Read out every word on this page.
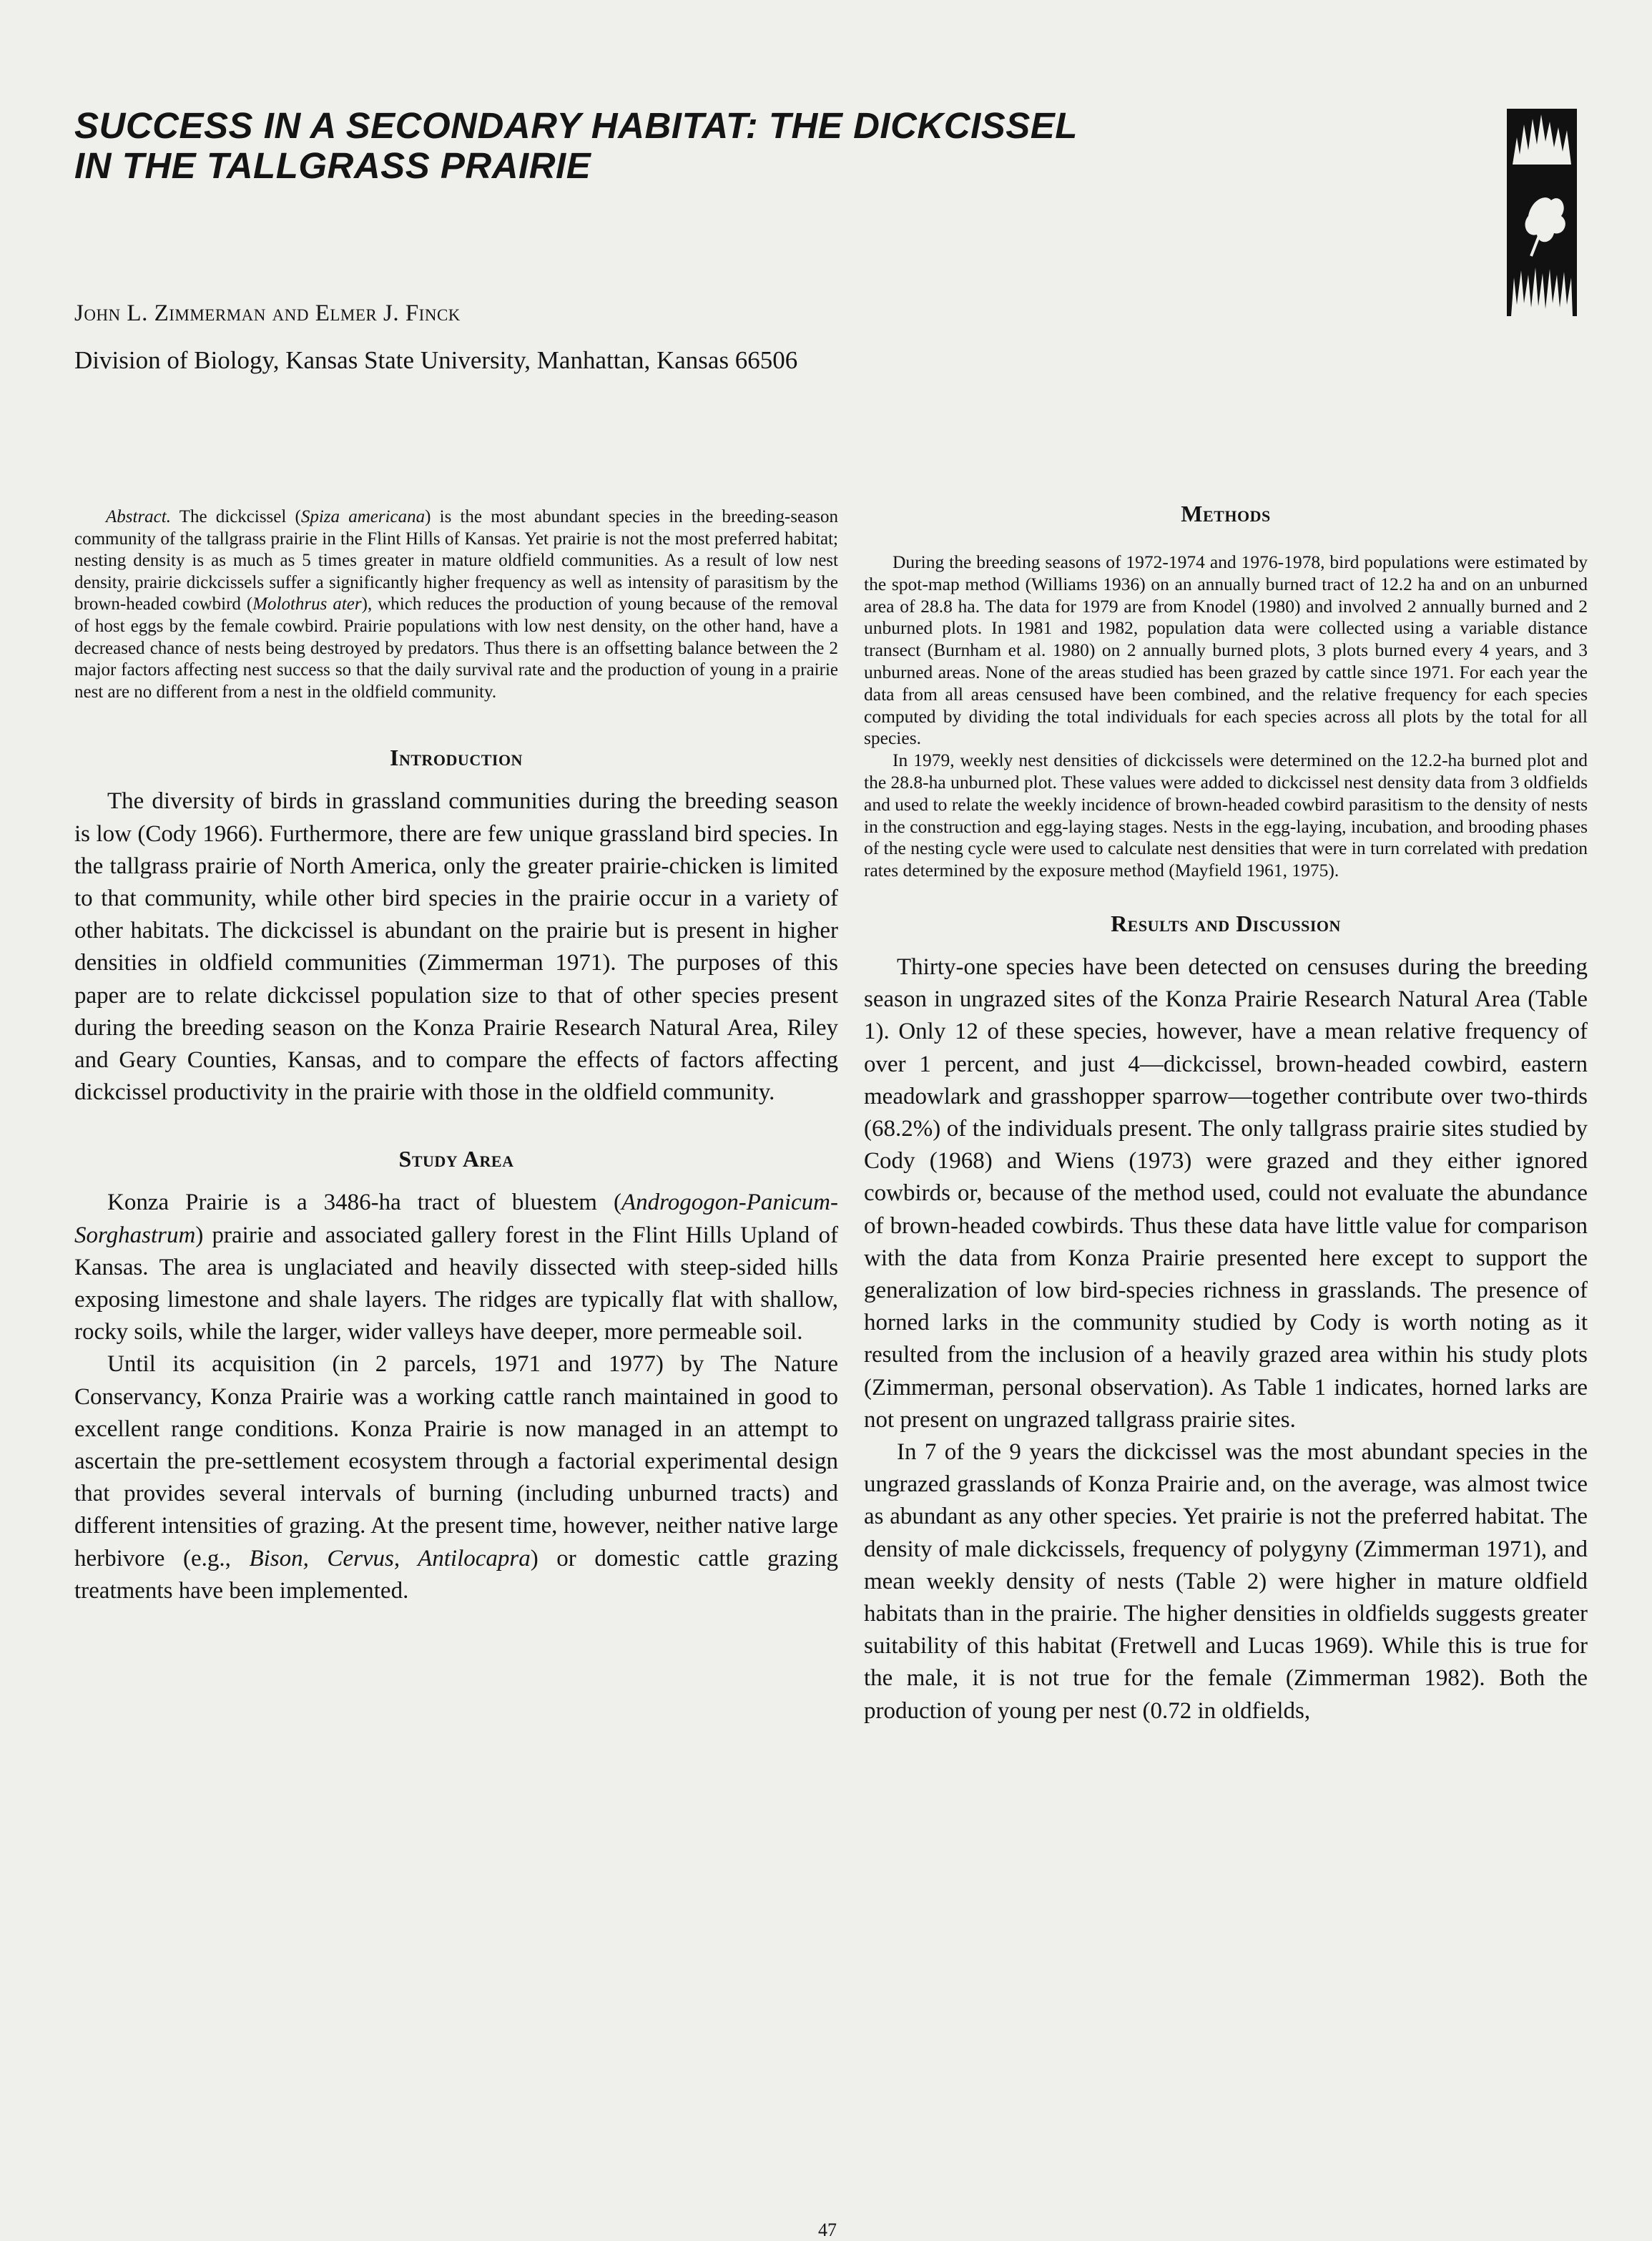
SUCCESS IN A SECONDARY HABITAT: THE DICKCISSEL
IN THE TALLGRASS PRAIRIE

John L. Zimmerman and Elmer J. Finck

Division of Biology, Kansas State University, Manhattan, Kansas 66506

Abstract. The dickcissel (Spiza americana) is the most abundant species in the breeding-season community of the tallgrass prairie in the Flint Hills of Kansas. Yet prairie is not the most preferred habitat; nesting density is as much as 5 times greater in mature oldfield communities. As a result of low nest density, prairie dickcissels suffer a significantly higher frequency as well as intensity of parasitism by the brown-headed cowbird (Molothrus ater), which reduces the production of young because of the removal of host eggs by the female cowbird. Prairie populations with low nest density, on the other hand, have a decreased chance of nests being destroyed by predators. Thus there is an offsetting balance between the 2 major factors affecting nest success so that the daily survival rate and the production of young in a prairie nest are no different from a nest in the oldfield community.

Introduction

The diversity of birds in grassland communities during the breeding season is low (Cody 1966). Furthermore, there are few unique grassland bird species. In the tallgrass prairie of North America, only the greater prairie-chicken is limited to that community, while other bird species in the prairie occur in a variety of other habitats. The dickcissel is abundant on the prairie but is present in higher densities in oldfield communities (Zimmerman 1971). The purposes of this paper are to relate dickcissel population size to that of other species present during the breeding season on the Konza Prairie Research Natural Area, Riley and Geary Counties, Kansas, and to compare the effects of factors affecting dickcissel productivity in the prairie with those in the oldfield community.

Study Area

Konza Prairie is a 3486-ha tract of bluestem (Androgogon-Panicum-Sorghastrum) prairie and associated gallery forest in the Flint Hills Upland of Kansas. The area is unglaciated and heavily dissected with steep-sided hills exposing limestone and shale layers. The ridges are typically flat with shallow, rocky soils, while the larger, wider valleys have deeper, more permeable soil.

Until its acquisition (in 2 parcels, 1971 and 1977) by The Nature Conservancy, Konza Prairie was a working cattle ranch maintained in good to excellent range conditions. Konza Prairie is now managed in an attempt to ascertain the pre-settlement ecosystem through a factorial experimental design that provides several intervals of burning (including unburned tracts) and different intensities of grazing. At the present time, however, neither native large herbivore (e.g., Bison, Cervus, Antilocapra) or domestic cattle grazing treatments have been implemented.

Methods

During the breeding seasons of 1972-1974 and 1976-1978, bird populations were estimated by the spot-map method (Williams 1936) on an annually burned tract of 12.2 ha and on an unburned area of 28.8 ha. The data for 1979 are from Knodel (1980) and involved 2 annually burned and 2 unburned plots. In 1981 and 1982, population data were collected using a variable distance transect (Burnham et al. 1980) on 2 annually burned plots, 3 plots burned every 4 years, and 3 unburned areas. None of the areas studied has been grazed by cattle since 1971. For each year the data from all areas censused have been combined, and the relative frequency for each species computed by dividing the total individuals for each species across all plots by the total for all species.

In 1979, weekly nest densities of dickcissels were determined on the 12.2-ha burned plot and the 28.8-ha unburned plot. These values were added to dickcissel nest density data from 3 oldfields and used to relate the weekly incidence of brown-headed cowbird parasitism to the density of nests in the construction and egg-laying stages. Nests in the egg-laying, incubation, and brooding phases of the nesting cycle were used to calculate nest densities that were in turn correlated with predation rates determined by the exposure method (Mayfield 1961, 1975).

Results and Discussion

Thirty-one species have been detected on censuses during the breeding season in ungrazed sites of the Konza Prairie Research Natural Area (Table 1). Only 12 of these species, however, have a mean relative frequency of over 1 percent, and just 4—dickcissel, brown-headed cowbird, eastern meadowlark and grasshopper sparrow—together contribute over two-thirds (68.2%) of the individuals present. The only tallgrass prairie sites studied by Cody (1968) and Wiens (1973) were grazed and they either ignored cowbirds or, because of the method used, could not evaluate the abundance of brown-headed cowbirds. Thus these data have little value for comparison with the data from Konza Prairie presented here except to support the generalization of low bird-species richness in grasslands. The presence of horned larks in the community studied by Cody is worth noting as it resulted from the inclusion of a heavily grazed area within his study plots (Zimmerman, personal observation). As Table 1 indicates, horned larks are not present on ungrazed tallgrass prairie sites.

In 7 of the 9 years the dickcissel was the most abundant species in the ungrazed grasslands of Konza Prairie and, on the average, was almost twice as abundant as any other species. Yet prairie is not the preferred habitat. The density of male dickcissels, frequency of polygyny (Zimmerman 1971), and mean weekly density of nests (Table 2) were higher in mature oldfield habitats than in the prairie. The higher densities in oldfields suggests greater suitability of this habitat (Fretwell and Lucas 1969). While this is true for the male, it is not true for the female (Zimmerman 1982). Both the production of young per nest (0.72 in oldfields,

47
